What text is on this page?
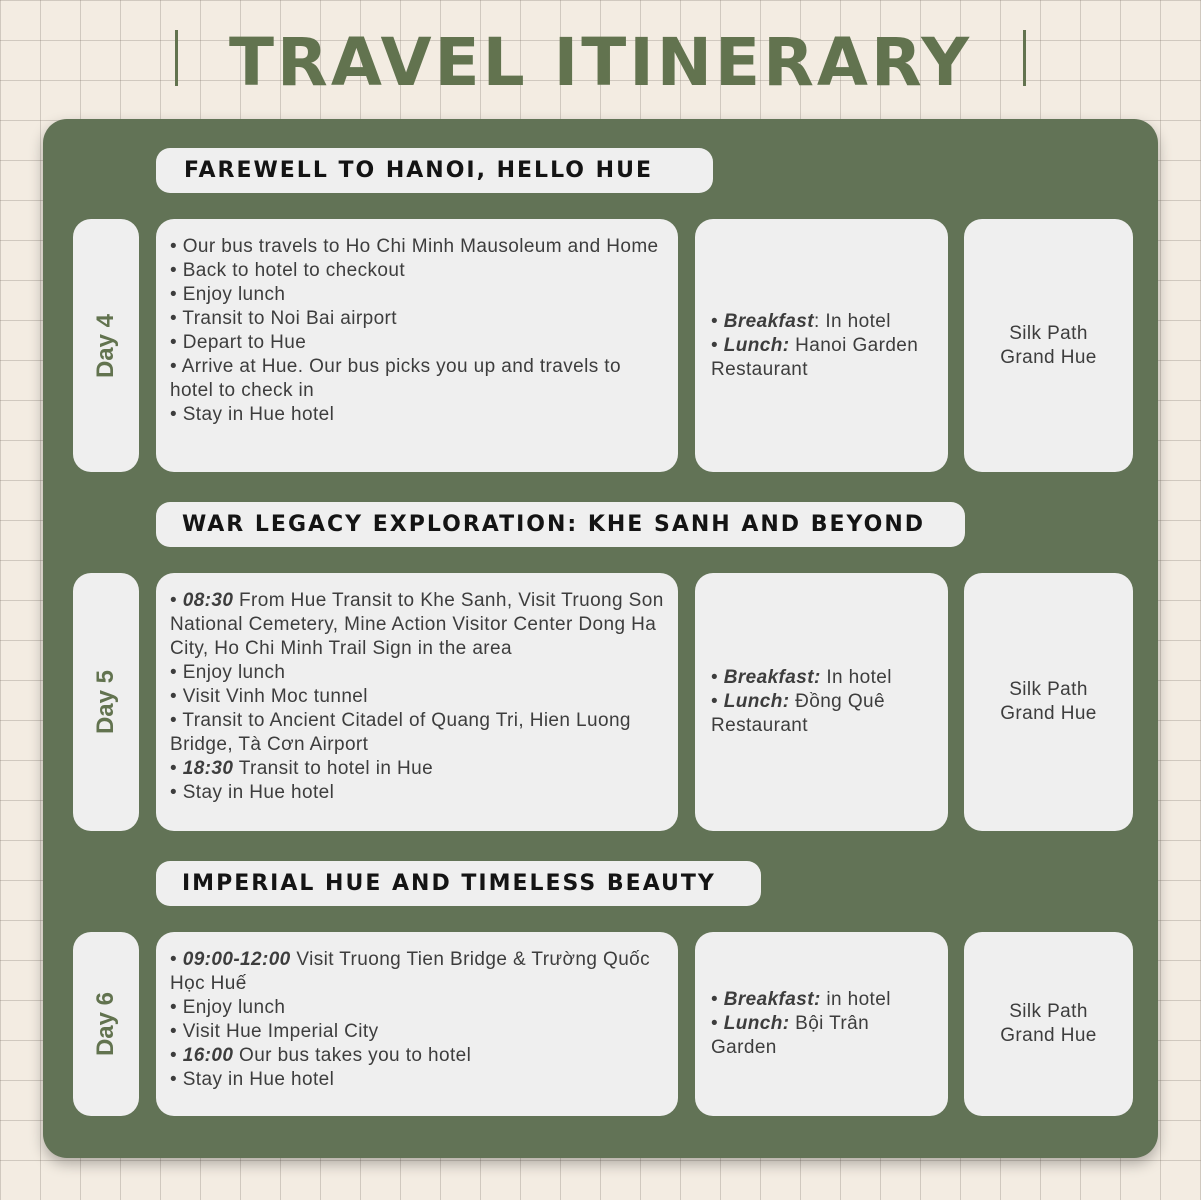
TRAVEL ITINERARY
FAREWELL TO HANOI, HELLO HUE
Day 4
• Our bus travels to Ho Chi Minh Mausoleum and Home
• Back to hotel to checkout
• Enjoy lunch
• Transit to Noi Bai airport
• Depart to Hue
• Arrive at Hue. Our bus picks you up and travels to hotel to check in
• Stay in Hue hotel
• Breakfast: In hotel
• Lunch: Hanoi Garden Restaurant
Silk Path Grand Hue
WAR LEGACY EXPLORATION: KHE SANH AND BEYOND
Day 5
• 08:30 From Hue Transit to Khe Sanh, Visit Truong Son National Cemetery, Mine Action Visitor Center Dong Ha City, Ho Chi Minh Trail Sign in the area
• Enjoy lunch
• Visit Vinh Moc tunnel
• Transit to Ancient Citadel of Quang Tri, Hien Luong Bridge, Tà Cơn Airport
• 18:30 Transit to hotel in Hue
• Stay in Hue hotel
• Breakfast: In hotel
• Lunch: Đồng Quê Restaurant
Silk Path Grand Hue
IMPERIAL HUE AND TIMELESS BEAUTY
Day 6
• 09:00-12:00 Visit Truong Tien Bridge & Trường Quốc Học Huế
• Enjoy lunch
• Visit Hue Imperial City
• 16:00 Our bus takes you to hotel
• Stay in Hue hotel
• Breakfast: in hotel
• Lunch: Bội Trân Garden
Silk Path Grand Hue
